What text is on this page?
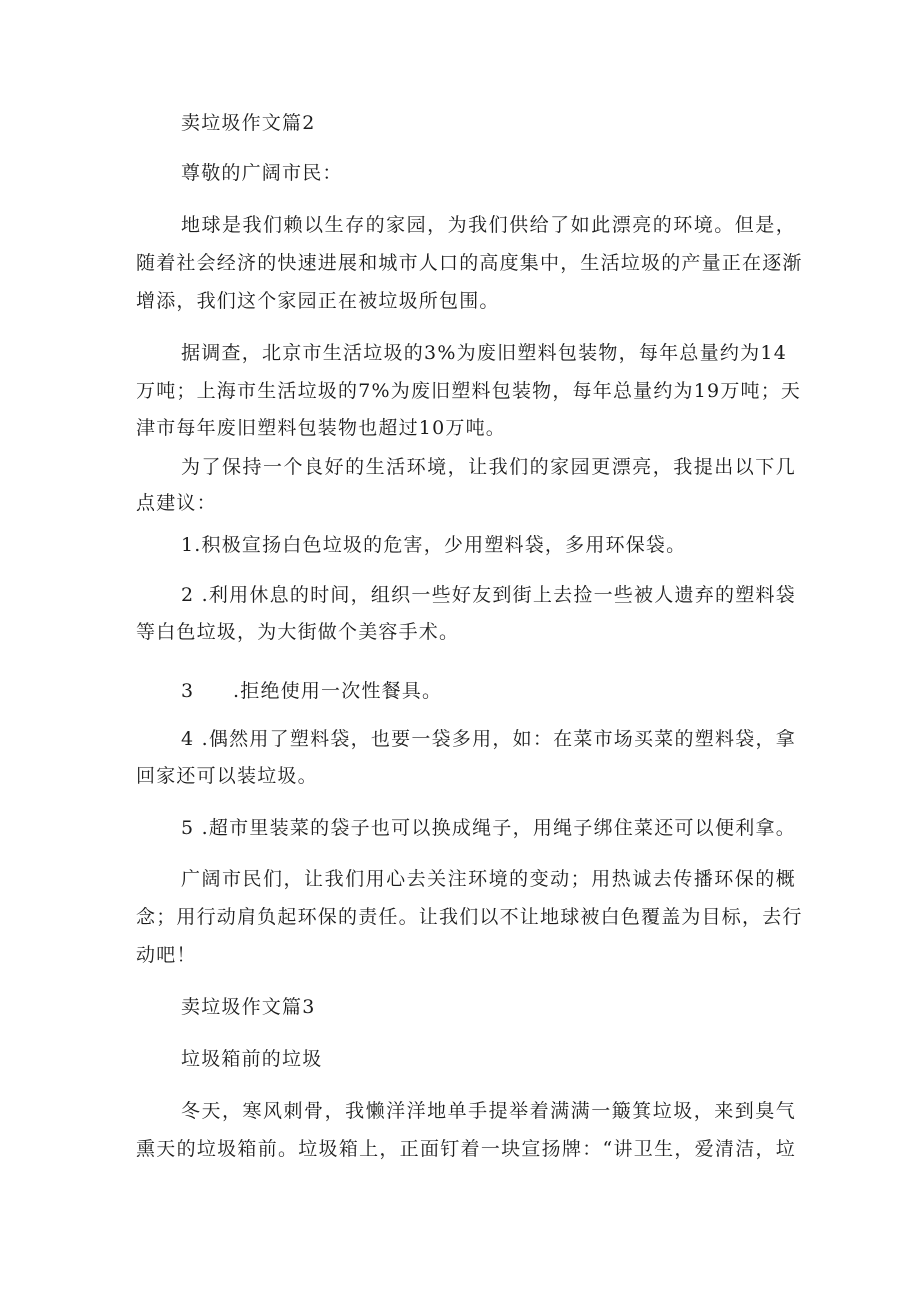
卖垃圾作文篇2
尊敬的广阔市民：
地球是我们赖以生存的家园，为我们供给了如此漂亮的环境。但是，
随着社会经济的快速进展和城市人口的高度集中，生活垃圾的产量正在逐渐
增添，我们这个家园正在被垃圾所包围。
据调查，北京市生活垃圾的3%为废旧塑料包装物，每年总量约为14
万吨；上海市生活垃圾的7%为废旧塑料包装物，每年总量约为19万吨；天
津市每年废旧塑料包装物也超过10万吨。
为了保持一个良好的生活环境，让我们的家园更漂亮，我提出以下几
点建议：
1.积极宣扬白色垃圾的危害，少用塑料袋，多用环保袋。
2 .利用休息的时间，组织一些好友到街上去捡一些被人遗弃的塑料袋
等白色垃圾，为大街做个美容手术。
3 .拒绝使用一次性餐具。
4 .偶然用了塑料袋，也要一袋多用，如：在菜市场买菜的塑料袋，拿
回家还可以装垃圾。
5 .超市里装菜的袋子也可以换成绳子，用绳子绑住菜还可以便利拿。
广阔市民们，让我们用心去关注环境的变动；用热诚去传播环保的概
念；用行动肩负起环保的责任。让我们以不让地球被白色覆盖为目标，去行
动吧！
卖垃圾作文篇3
垃圾箱前的垃圾
冬天，寒风刺骨，我懒洋洋地单手提举着满满一簸箕垃圾，来到臭气
熏天的垃圾箱前。垃圾箱上，正面钉着一块宣扬牌：“讲卫生，爱清洁，垃
